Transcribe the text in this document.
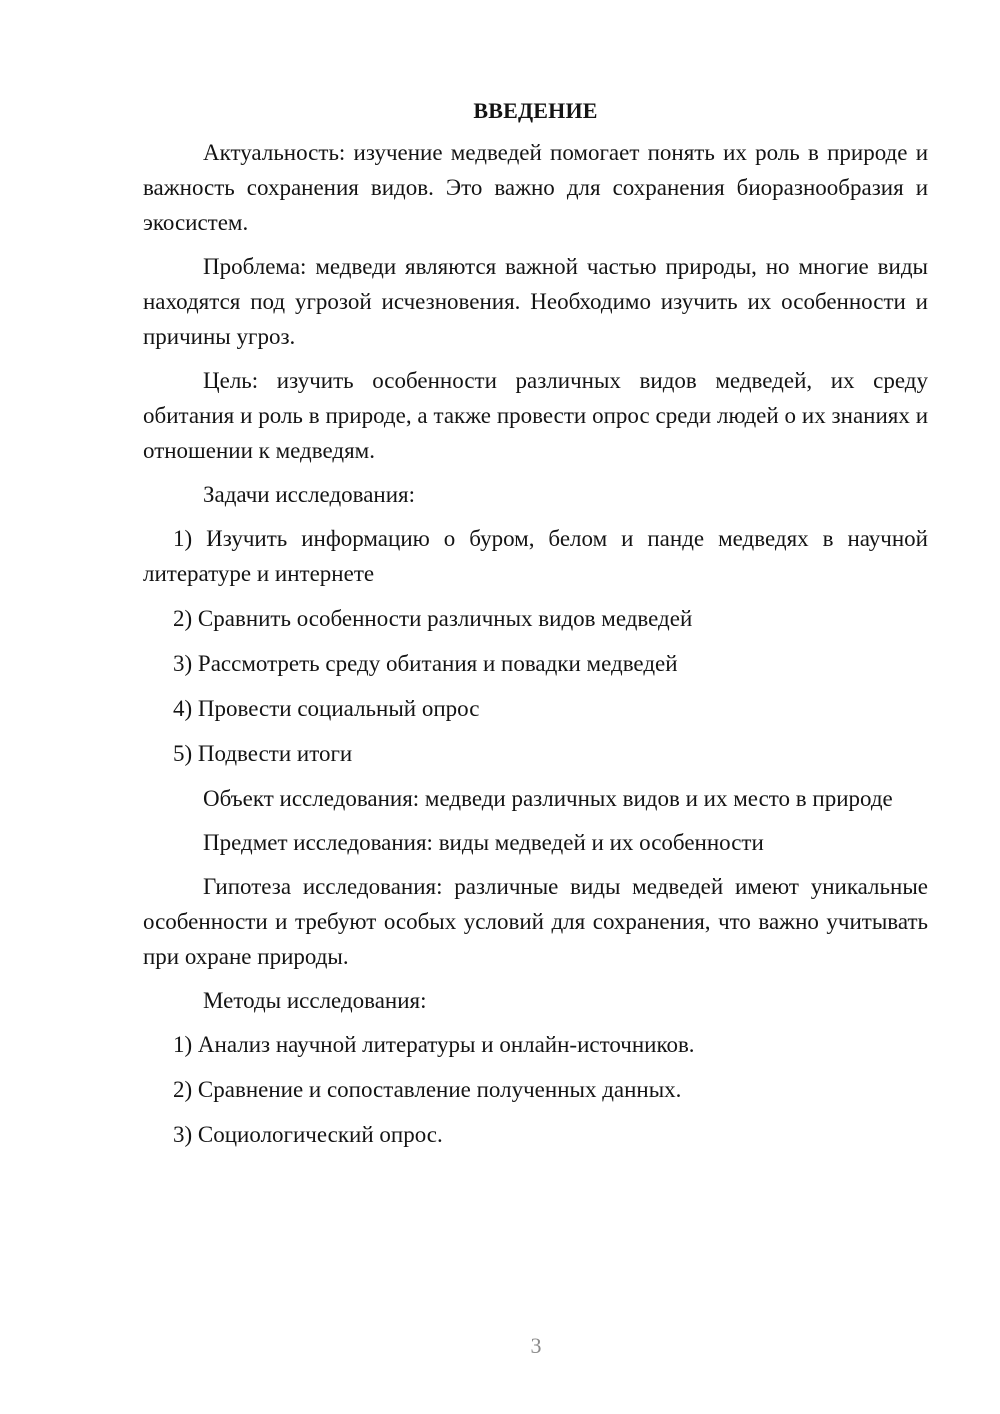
ВВЕДЕНИЕ

Актуальность: изучение медведей помогает понять их роль в природе и важность сохранения видов. Это важно для сохранения биоразнообразия и экосистем.

Проблема: медведи являются важной частью природы, но многие виды находятся под угрозой исчезновения. Необходимо изучить их особенности и причины угроз.

Цель: изучить особенности различных видов медведей, их среду обитания и роль в природе, а также провести опрос среди людей о их знаниях и отношении к медведям.

Задачи исследования:

1) Изучить информацию о буром, белом и панде медведях в научной литературе и интернете

2) Сравнить особенности различных видов медведей

3) Рассмотреть среду обитания и повадки медведей

4) Провести социальный опрос

5) Подвести итоги

Объект исследования: медведи различных видов и их место в природе

Предмет исследования: виды медведей и их особенности

Гипотеза исследования: различные виды медведей имеют уникальные особенности и требуют особых условий для сохранения, что важно учитывать при охране природы.

Методы исследования:

1) Анализ научной литературы и онлайн-источников.

2) Сравнение и сопоставление полученных данных.

3) Социологический опрос.

3
